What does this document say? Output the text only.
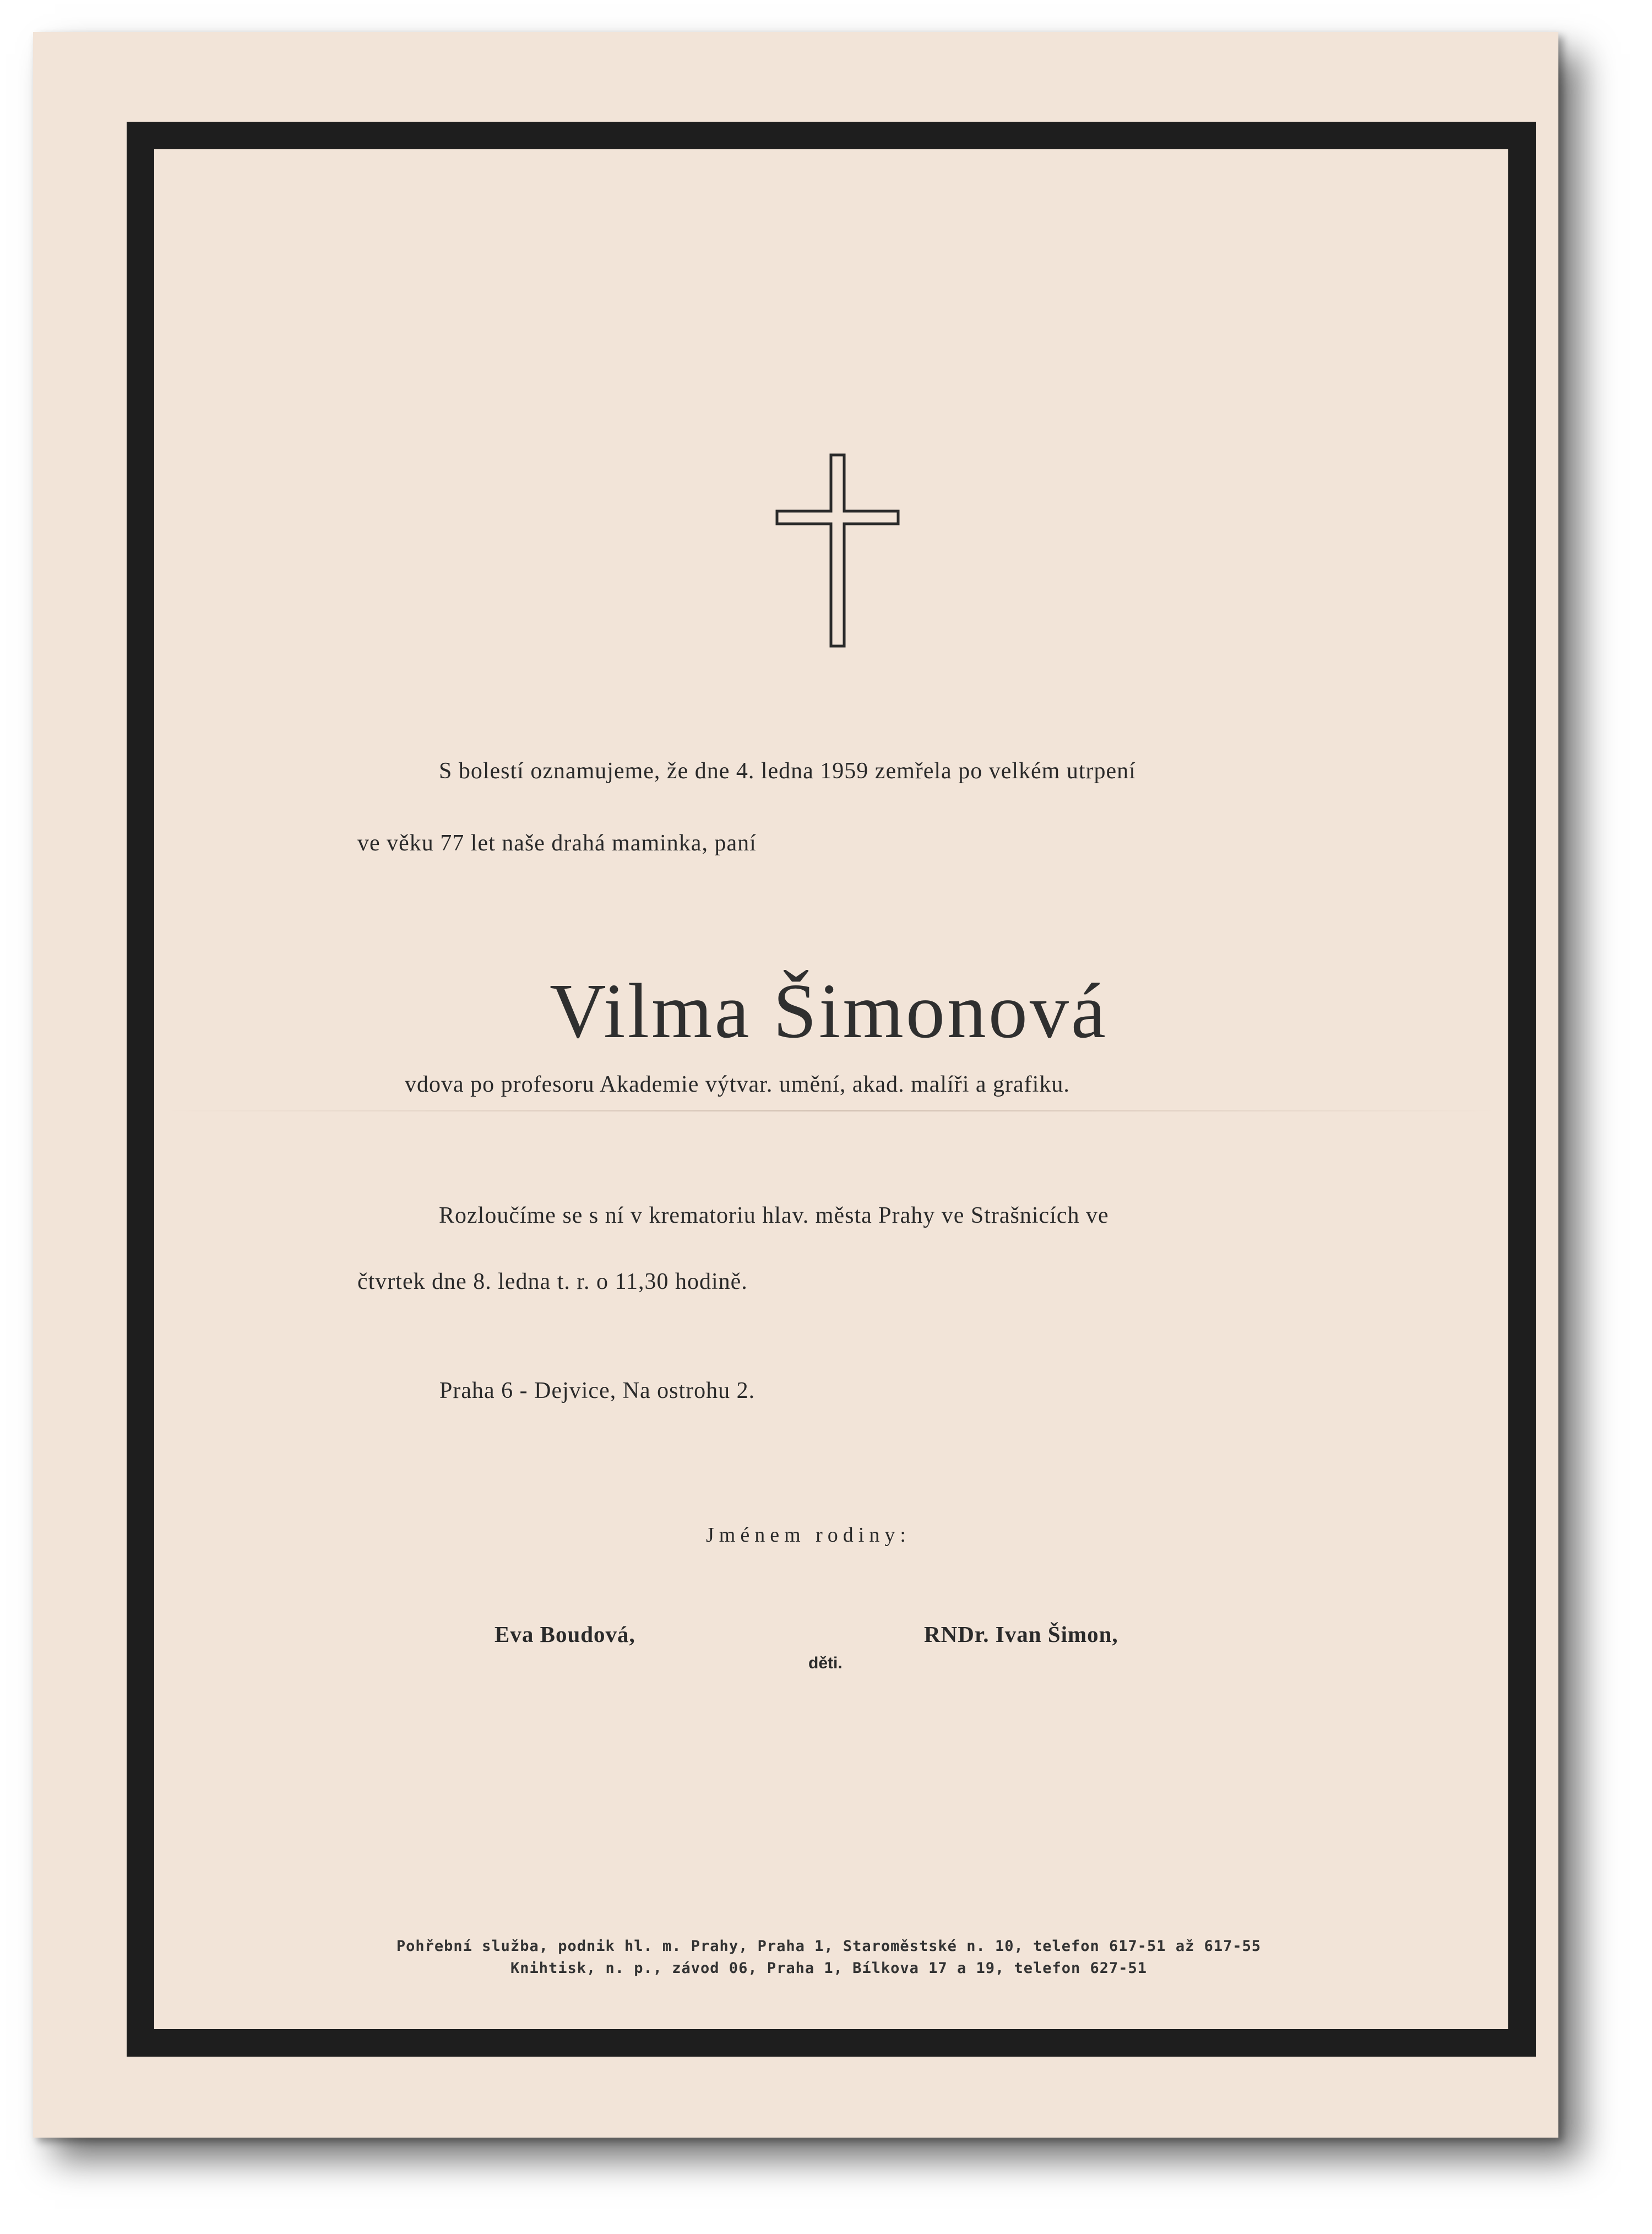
S bolestí oznamujeme, že dne 4. ledna 1959 zemřela po velkém utrpení
ve věku 77 let naše drahá maminka, paní
Vilma Šimonová
vdova po profesoru Akademie výtvar. umění, akad. malíři a grafiku.
Rozloučíme se s ní v krematoriu hlav. města Prahy ve Strašnicích ve
čtvrtek dne 8. ledna t. r. o 11,30 hodině.
Praha 6 - Dejvice, Na ostrohu 2.
Jménem rodiny:
Eva Boudová,	RNDr. Ivan Šimon,
děti.
Pohřební služba, podnik hl. m. Prahy, Praha 1, Staroměstské n. 10, telefon 617-51 až 617-55
Knihtisk, n. p., závod 06, Praha 1, Bílkova 17 a 19, telefon 627-51
